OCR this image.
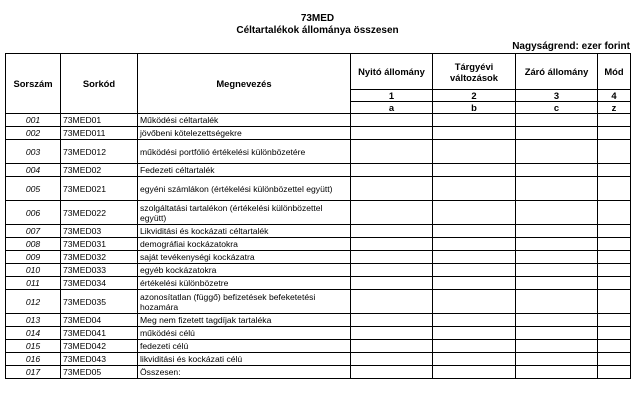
73MED
Céltartalékok állománya összesen
Nagyságrend: ezer forint
Sorszám	Sorkód	Megnevezés	Nyitó állomány	Tárgyévi változások	Záró állomány	Mód
			1	2	3	4
			a	b	c	z
001	73MED01	Működési céltartalék				
002	73MED011	jövőbeni kötelezettségekre				
003	73MED012	működési portfólió értékelési különbözetére				
004	73MED02	Fedezeti céltartalék				
005	73MED021	egyéni számlákon (értékelési különbözettel együtt)				
006	73MED022	szolgáltatási tartalékon (értékelési különbözettel együtt)				
007	73MED03	Likviditási és kockázati céltartalék				
008	73MED031	demográfiai kockázatokra				
009	73MED032	saját tevékenységi kockázatra				
010	73MED033	egyéb kockázatokra				
011	73MED034	értékelési különbözetre				
012	73MED035	azonosítatlan (függő) befizetések befeketetési hozamára				
013	73MED04	Meg nem fizetett tagdíjak tartaléka				
014	73MED041	működési célú				
015	73MED042	fedezeti célú				
016	73MED043	likviditási és kockázati célú				
017	73MED05	Összesen:				
